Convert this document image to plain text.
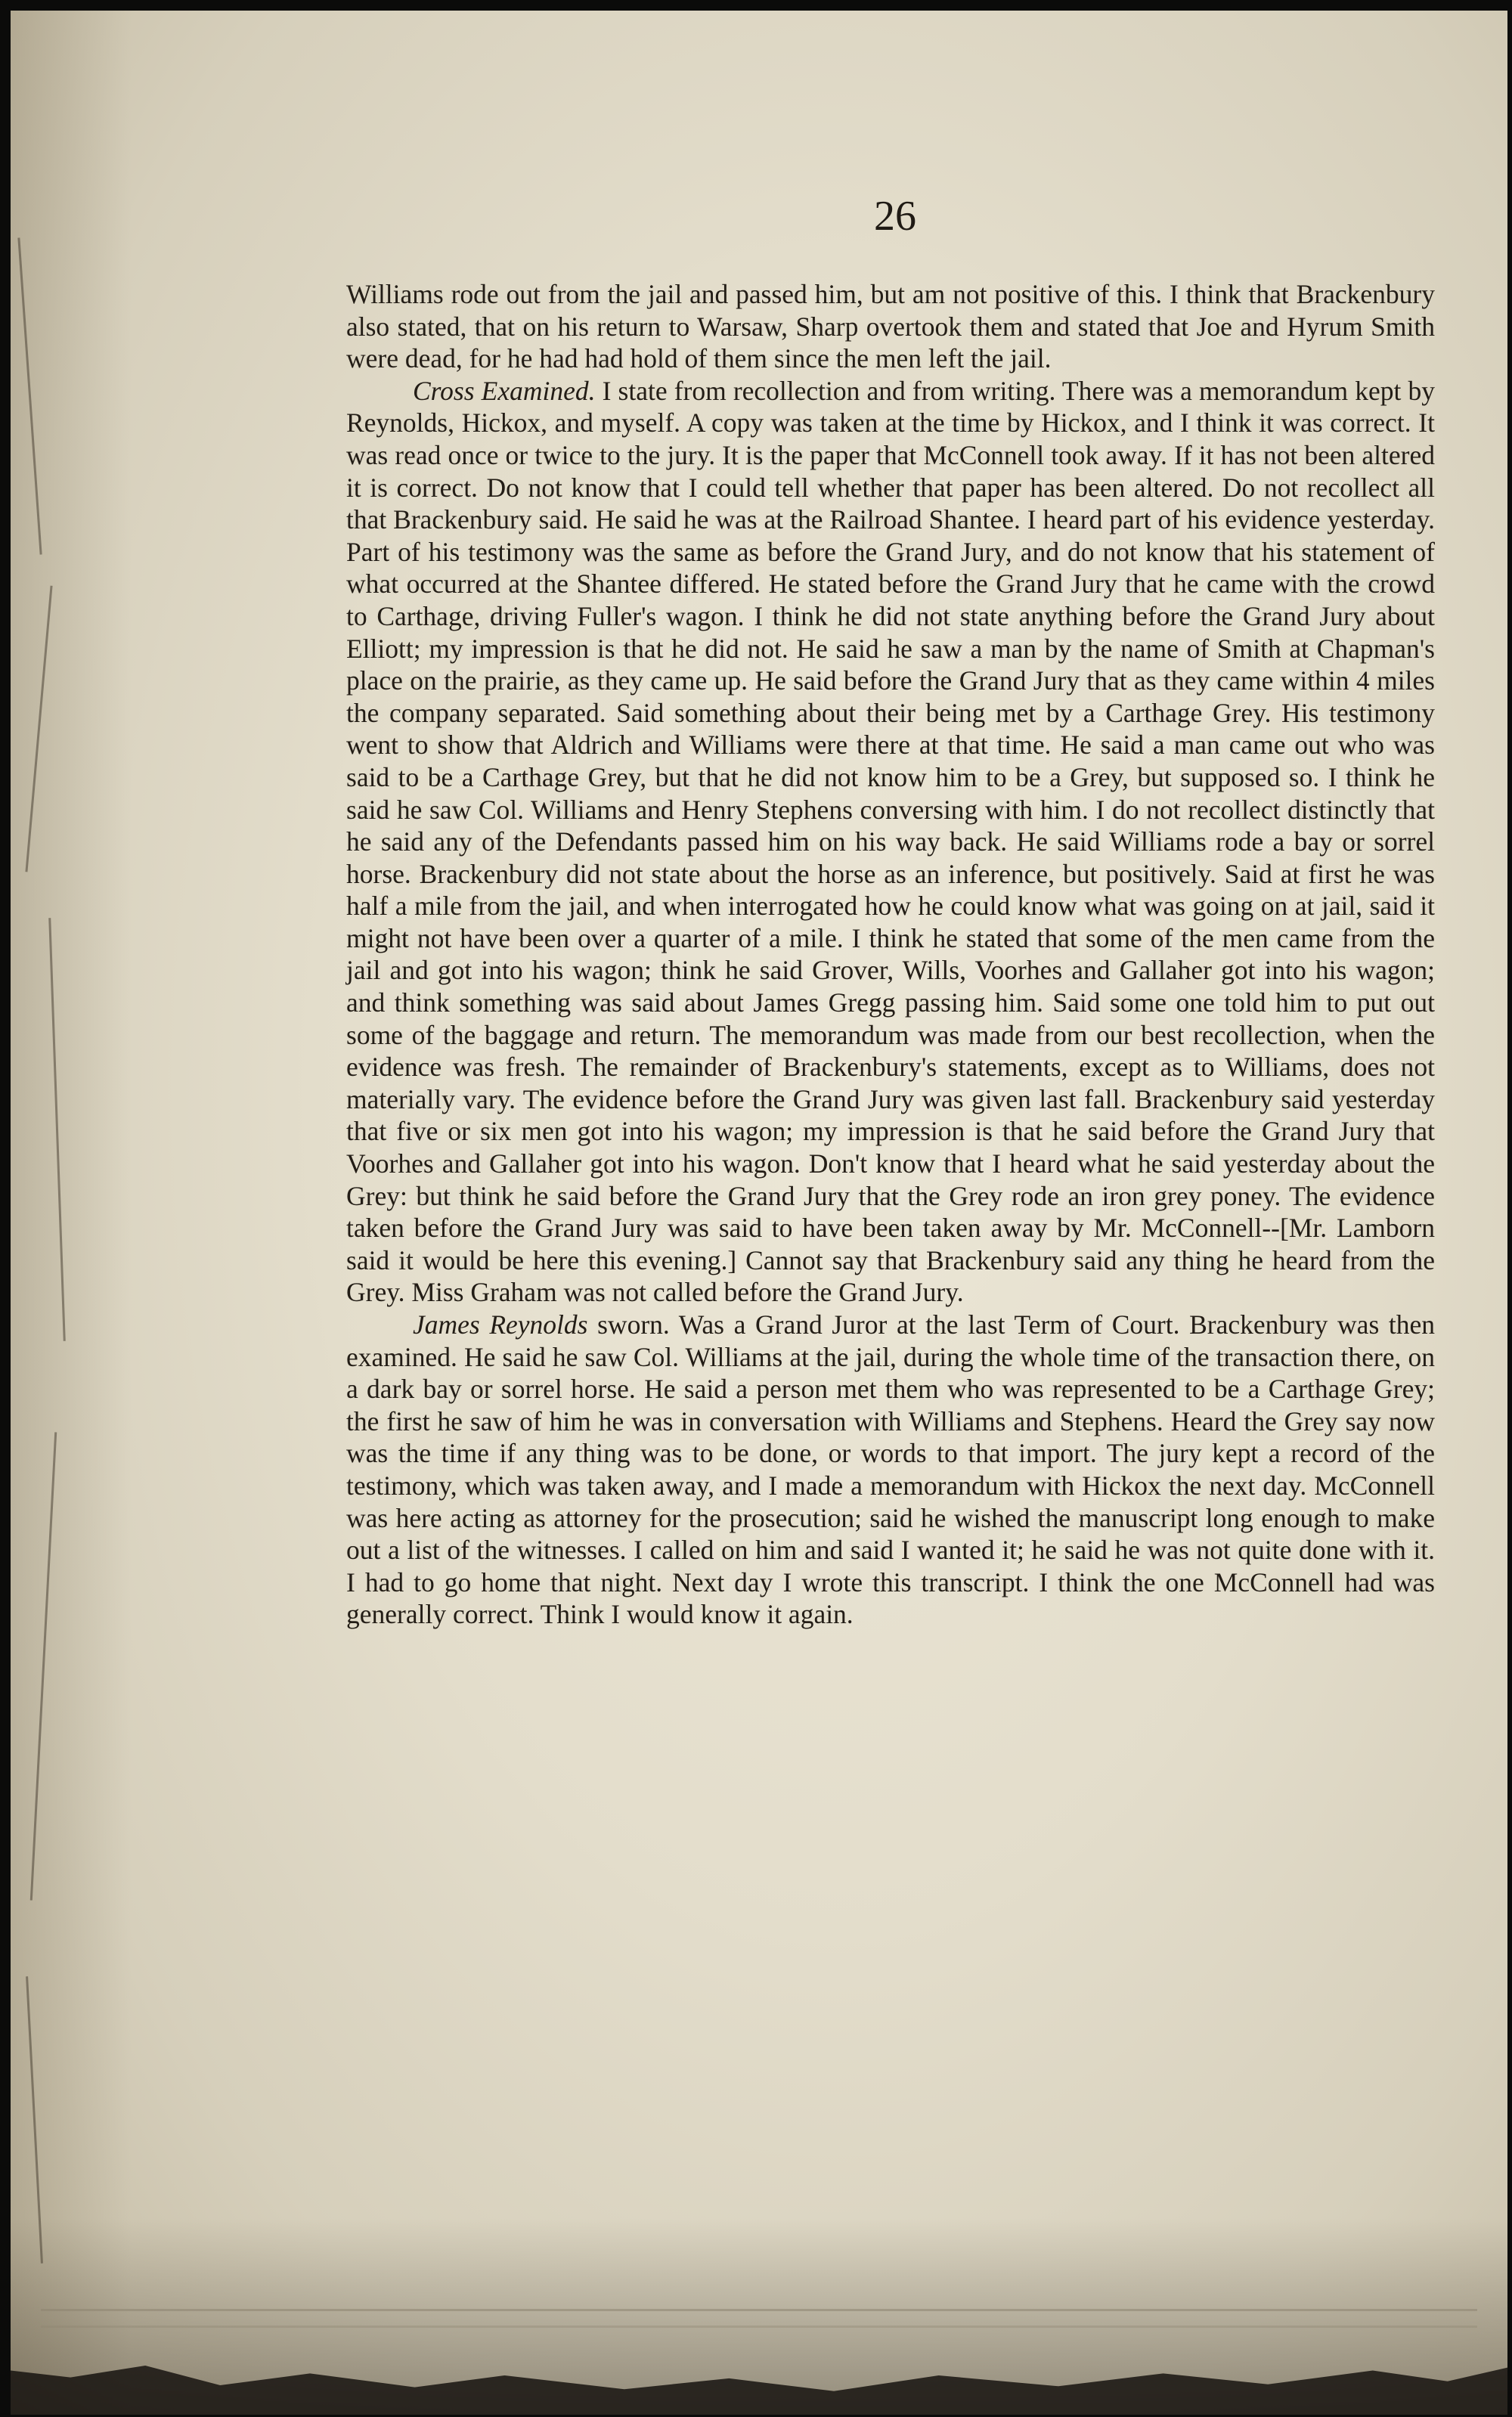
26

Williams rode out from the jail and passed him, but am not positive of this. I think that Brackenbury also stated, that on his return to Warsaw, Sharp overtook them and stated that Joe and Hyrum Smith were dead, for he had had hold of them since the men left the jail.

Cross Examined. I state from recollection and from writing. There was a memorandum kept by Reynolds, Hickox, and myself. A copy was taken at the time by Hickox, and I think it was correct. It was read once or twice to the jury. It is the paper that McConnell took away. If it has not been altered it is correct. Do not know that I could tell whether that paper has been altered. Do not recollect all that Brackenbury said. He said he was at the Railroad Shantee. I heard part of his evidence yesterday. Part of his testimony was the same as before the Grand Jury, and do not know that his statement of what occurred at the Shantee differed. He stated before the Grand Jury that he came with the crowd to Carthage, driving Fuller's wagon. I think he did not state anything before the Grand Jury about Elliott; my impression is that he did not. He said he saw a man by the name of Smith at Chapman's place on the prairie, as they came up. He said before the Grand Jury that as they came within 4 miles the company separated. Said something about their being met by a Carthage Grey. His testimony went to show that Aldrich and Williams were there at that time. He said a man came out who was said to be a Carthage Grey, but that he did not know him to be a Grey, but supposed so. I think he said he saw Col. Williams and Henry Stephens conversing with him. I do not recollect distinctly that he said any of the Defendants passed him on his way back. He said Williams rode a bay or sorrel horse. Brackenbury did not state about the horse as an inference, but positively. Said at first he was half a mile from the jail, and when interrogated how he could know what was going on at jail, said it might not have been over a quarter of a mile. I think he stated that some of the men came from the jail and got into his wagon; think he said Grover, Wills, Voorhes and Gallaher got into his wagon; and think something was said about James Gregg passing him. Said some one told him to put out some of the baggage and return. The memorandum was made from our best recollection, when the evidence was fresh. The remainder of Brackenbury's statements, except as to Williams, does not materially vary. The evidence before the Grand Jury was given last fall. Brackenbury said yesterday that five or six men got into his wagon; my impression is that he said before the Grand Jury that Voorhes and Gallaher got into his wagon. Don't know that I heard what he said yesterday about the Grey: but think he said before the Grand Jury that the Grey rode an iron grey poney. The evidence taken before the Grand Jury was said to have been taken away by Mr. McConnell--[Mr. Lamborn said it would be here this evening.] Cannot say that Brackenbury said any thing he heard from the Grey. Miss Graham was not called before the Grand Jury.

James Reynolds sworn. Was a Grand Juror at the last Term of Court. Brackenbury was then examined. He said he saw Col. Williams at the jail, during the whole time of the transaction there, on a dark bay or sorrel horse. He said a person met them who was represented to be a Carthage Grey; the first he saw of him he was in conversation with Williams and Stephens. Heard the Grey say now was the time if any thing was to be done, or words to that import. The jury kept a record of the testimony, which was taken away, and I made a memorandum with Hickox the next day. McConnell was here acting as attorney for the prosecution; said he wished the manuscript long enough to make out a list of the witnesses. I called on him and said I wanted it; he said he was not quite done with it. I had to go home that night. Next day I wrote this transcript. I think the one McConnell had was generally correct. Think I would know it again.
